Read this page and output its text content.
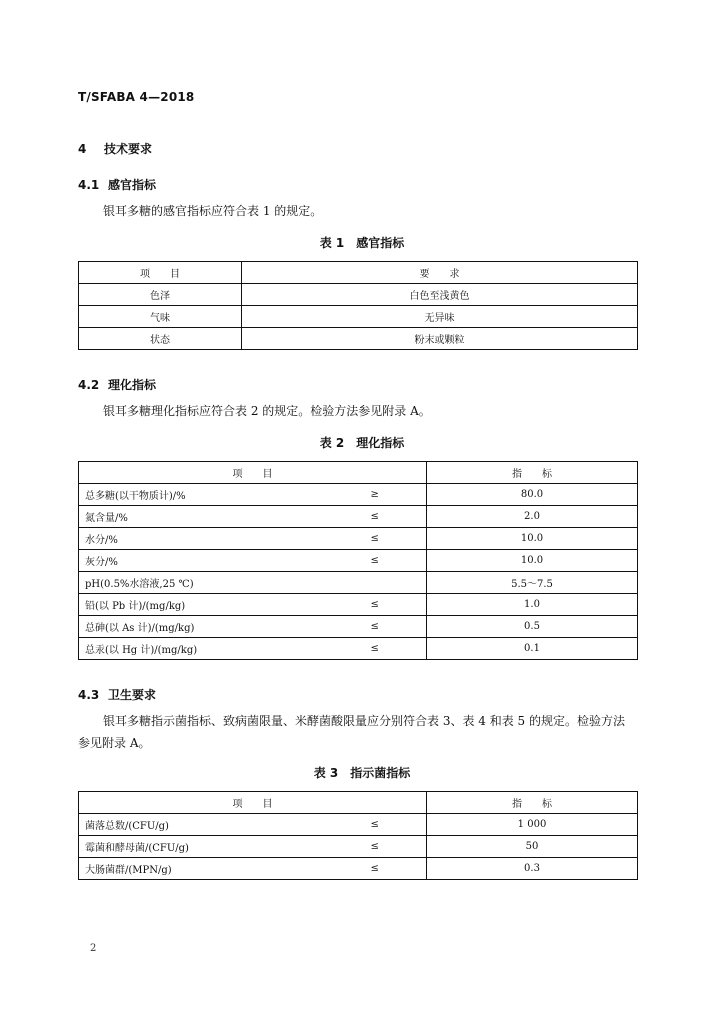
T/SFABA 4—2018
4 技术要求
4.1 感官指标
银耳多糖的感官指标应符合表 1 的规定。
表 1　感官指标
项　　目	要　　求
色泽	白色至浅黄色
气味	无异味
状态	粉末或颗粒
4.2 理化指标
银耳多糖理化指标应符合表 2 的规定。检验方法参见附录 A。
表 2　理化指标
项　　目		指　　标
总多糖(以干物质计)/%	≥	80.0
氮含量/%	≤	2.0
水分/%	≤	10.0
灰分/%	≤	10.0
pH(0.5%水溶液,25 ℃)		5.5～7.5
铅(以 Pb 计)/(mg/kg)	≤	1.0
总砷(以 As 计)/(mg/kg)	≤	0.5
总汞(以 Hg 计)/(mg/kg)	≤	0.1
4.3 卫生要求
银耳多糖指示菌指标、致病菌限量、米酵菌酸限量应分别符合表 3、表 4 和表 5 的规定。检验方法
参见附录 A。
表 3　指示菌指标
项　　目		指　　标
菌落总数/(CFU/g)	≤	1 000
霉菌和酵母菌/(CFU/g)	≤	50
大肠菌群/(MPN/g)	≤	0.3
2
